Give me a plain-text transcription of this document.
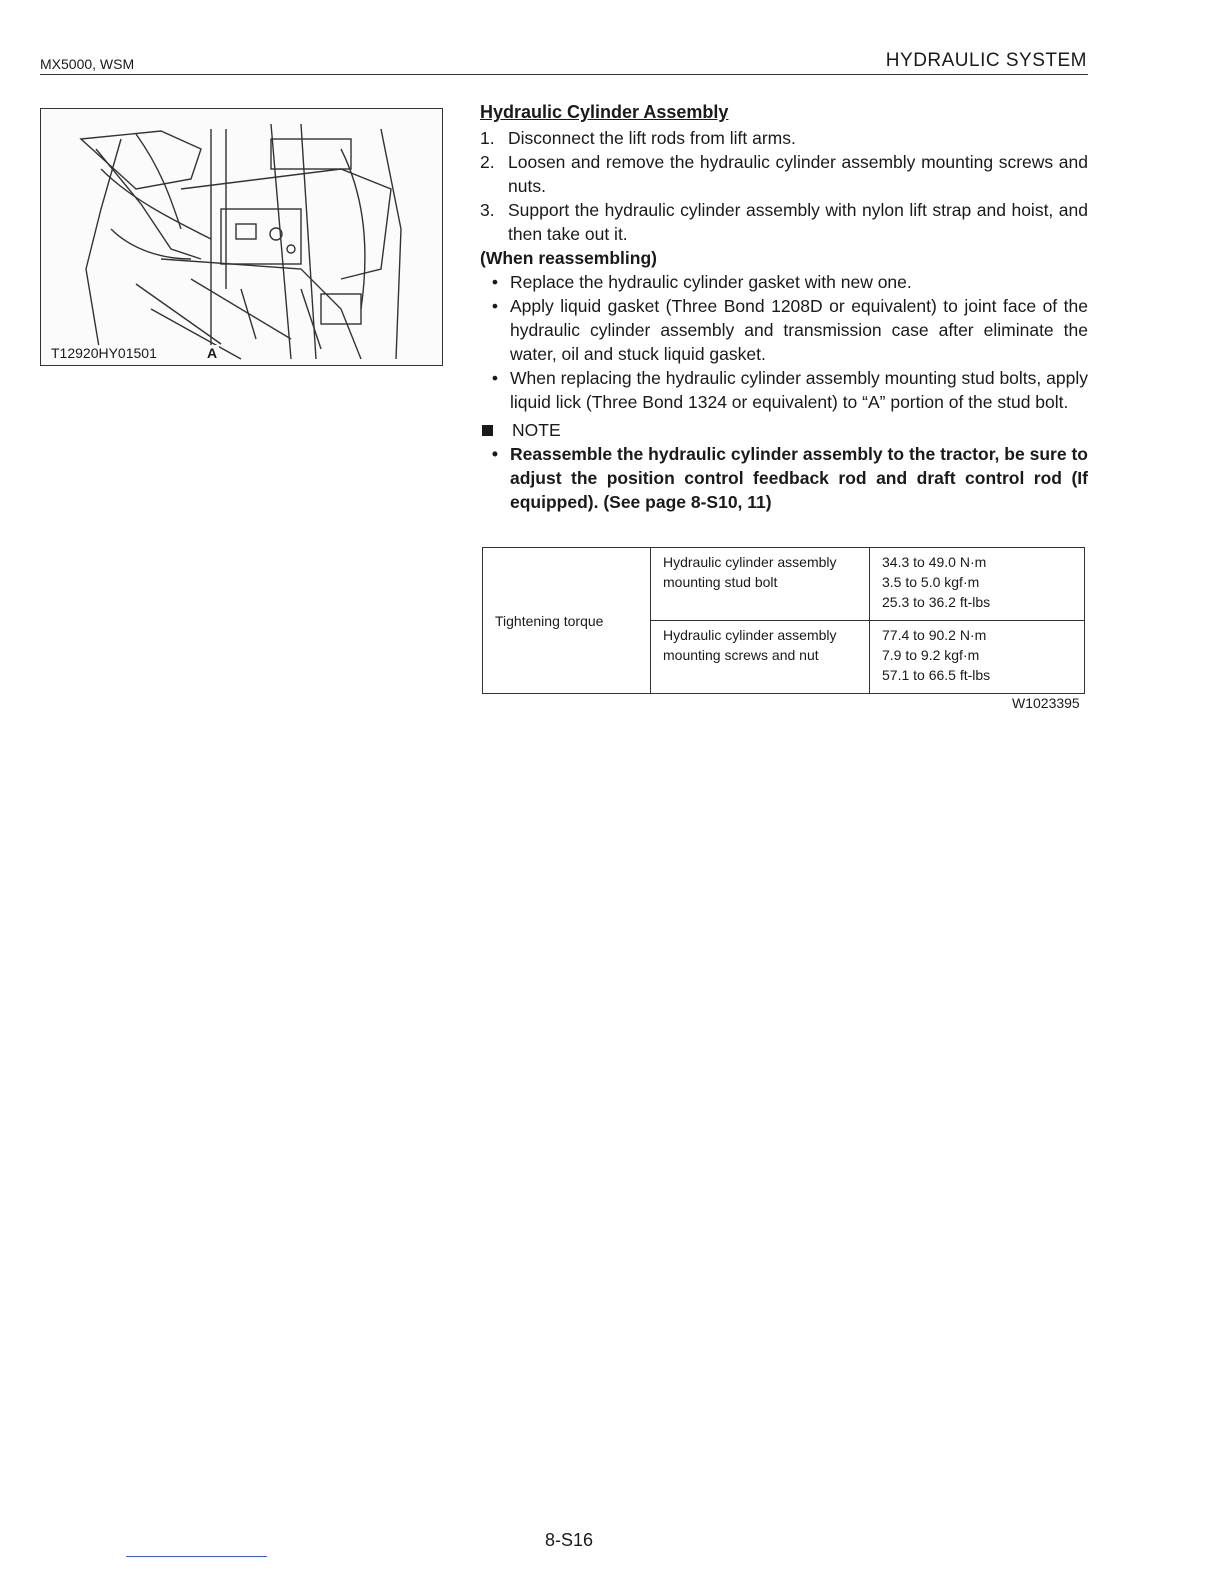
MX5000, WSM	HYDRAULIC SYSTEM
T12920HY01501	A
Hydraulic Cylinder Assembly
1. Disconnect the lift rods from lift arms.
2. Loosen and remove the hydraulic cylinder assembly mounting screws and nuts.
3. Support the hydraulic cylinder assembly with nylon lift strap and hoist, and then take out it.
(When reassembling)
• Replace the hydraulic cylinder gasket with new one.
• Apply liquid gasket (Three Bond 1208D or equivalent) to joint face of the hydraulic cylinder assembly and transmission case after eliminate the water, oil and stuck liquid gasket.
• When replacing the hydraulic cylinder assembly mounting stud bolts, apply liquid lick (Three Bond 1324 or equivalent) to “A” portion of the stud bolt.
NOTE
• Reassemble the hydraulic cylinder assembly to the tractor, be sure to adjust the position control feedback rod and draft control rod (If equipped). (See page 8-S10, 11)
Tightening torque	Hydraulic cylinder assembly mounting stud bolt	34.3 to 49.0 N·m
3.5 to 5.0 kgf·m
25.3 to 36.2 ft-lbs

	Hydraulic cylinder assembly mounting screws and nut	77.4 to 90.2 N·m
7.9 to 9.2 kgf·m
57.1 to 66.5 ft-lbs
W1023395
8-S16
